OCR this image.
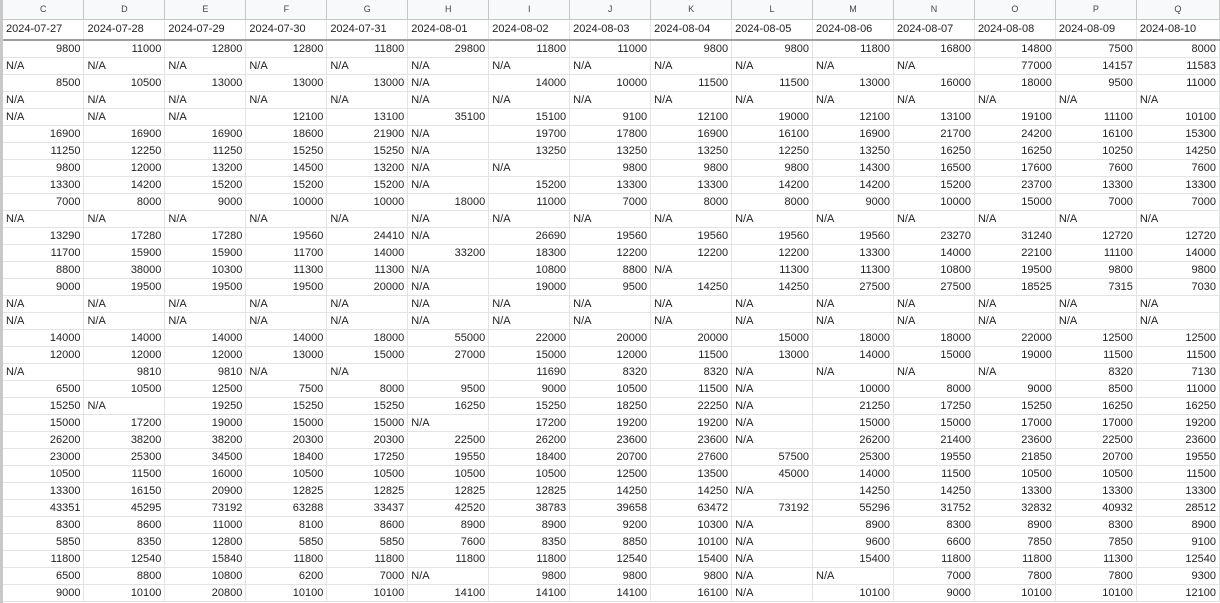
C	D	E	F	G	H	I	J	K	L	M	N	O	P	Q
2024-07-27	2024-07-28	2024-07-29	2024-07-30	2024-07-31	2024-08-01	2024-08-02	2024-08-03	2024-08-04	2024-08-05	2024-08-06	2024-08-07	2024-08-08	2024-08-09	2024-08-10
9800	11000	12800	12800	11800	29800	11800	11000	9800	9800	11800	16800	14800	7500	8000
N/A	N/A	N/A	N/A	N/A	N/A	N/A	N/A	N/A	N/A	N/A	N/A	77000	14157	11583
8500	10500	13000	13000	13000	N/A	14000	10000	11500	11500	13000	16000	18000	9500	11000
N/A	N/A	N/A	N/A	N/A	N/A	N/A	N/A	N/A	N/A	N/A	N/A	N/A	N/A	N/A
N/A	N/A	N/A	12100	13100	35100	15100	9100	12100	19000	12100	13100	19100	11100	10100
16900	16900	16900	18600	21900	N/A	19700	17800	16900	16100	16900	21700	24200	16100	15300
11250	12250	11250	15250	15250	N/A	13250	13250	13250	12250	13250	16250	16250	10250	14250
9800	12000	13200	14500	13200	N/A	N/A	9800	9800	9800	14300	16500	17600	7600	7600
13300	14200	15200	15200	15200	N/A	15200	13300	13300	14200	14200	15200	23700	13300	13300
7000	8000	9000	10000	10000	18000	11000	7000	8000	8000	9000	10000	15000	7000	7000
N/A	N/A	N/A	N/A	N/A	N/A	N/A	N/A	N/A	N/A	N/A	N/A	N/A	N/A	N/A
13290	17280	17280	19560	24410	N/A	26690	19560	19560	19560	19560	23270	31240	12720	12720
11700	15900	15900	11700	14000	33200	18300	12200	12200	12200	13300	14000	22100	11100	14000
8800	38000	10300	11300	11300	N/A	10800	8800	N/A	11300	11300	10800	19500	9800	9800
9000	19500	19500	19500	20000	N/A	19000	9500	14250	14250	27500	27500	18525	7315	7030
N/A	N/A	N/A	N/A	N/A	N/A	N/A	N/A	N/A	N/A	N/A	N/A	N/A	N/A	N/A
N/A	N/A	N/A	N/A	N/A	N/A	N/A	N/A	N/A	N/A	N/A	N/A	N/A	N/A	N/A
14000	14000	14000	14000	18000	55000	22000	20000	20000	15000	18000	18000	22000	12500	12500
12000	12000	12000	13000	15000	27000	15000	12000	11500	13000	14000	15000	19000	11500	11500
N/A	9810	9810	N/A	N/A		11690	8320	8320	N/A	N/A	N/A	N/A	8320	7130
6500	10500	12500	7500	8000	9500	9000	10500	11500	N/A	10000	8000	9000	8500	11000
15250	N/A	19250	15250	15250	16250	15250	18250	22250	N/A	21250	17250	15250	16250	16250
15000	17200	19000	15000	15000	N/A	17200	19200	19200	N/A	15000	15000	17000	17000	19200
26200	38200	38200	20300	20300	22500	26200	23600	23600	N/A	26200	21400	23600	22500	23600
23000	25300	34500	18400	17250	19550	18400	20700	27600	57500	25300	19550	21850	20700	19550
10500	11500	16000	10500	10500	10500	10500	12500	13500	45000	14000	11500	10500	10500	11500
13300	16150	20900	12825	12825	12825	12825	14250	14250	N/A	14250	14250	13300	13300	13300
43351	45295	73192	63288	33437	42520	38783	39658	63472	73192	55296	31752	32832	40932	28512
8300	8600	11000	8100	8600	8900	8900	9200	10300	N/A	8900	8300	8900	8300	8900
5850	8350	12800	5850	5850	7600	8350	8850	10100	N/A	9600	6600	7850	7850	9100
11800	12540	15840	11800	11800	11800	11800	12540	15400	N/A	15400	11800	11800	11300	12540
6500	8800	10800	6200	7000	N/A	9800	9800	9800	N/A	N/A	7000	7800	7800	9300
9000	10100	20800	10100	10100	14100	14100	14100	16100	N/A	10100	9000	10100	10100	12100
